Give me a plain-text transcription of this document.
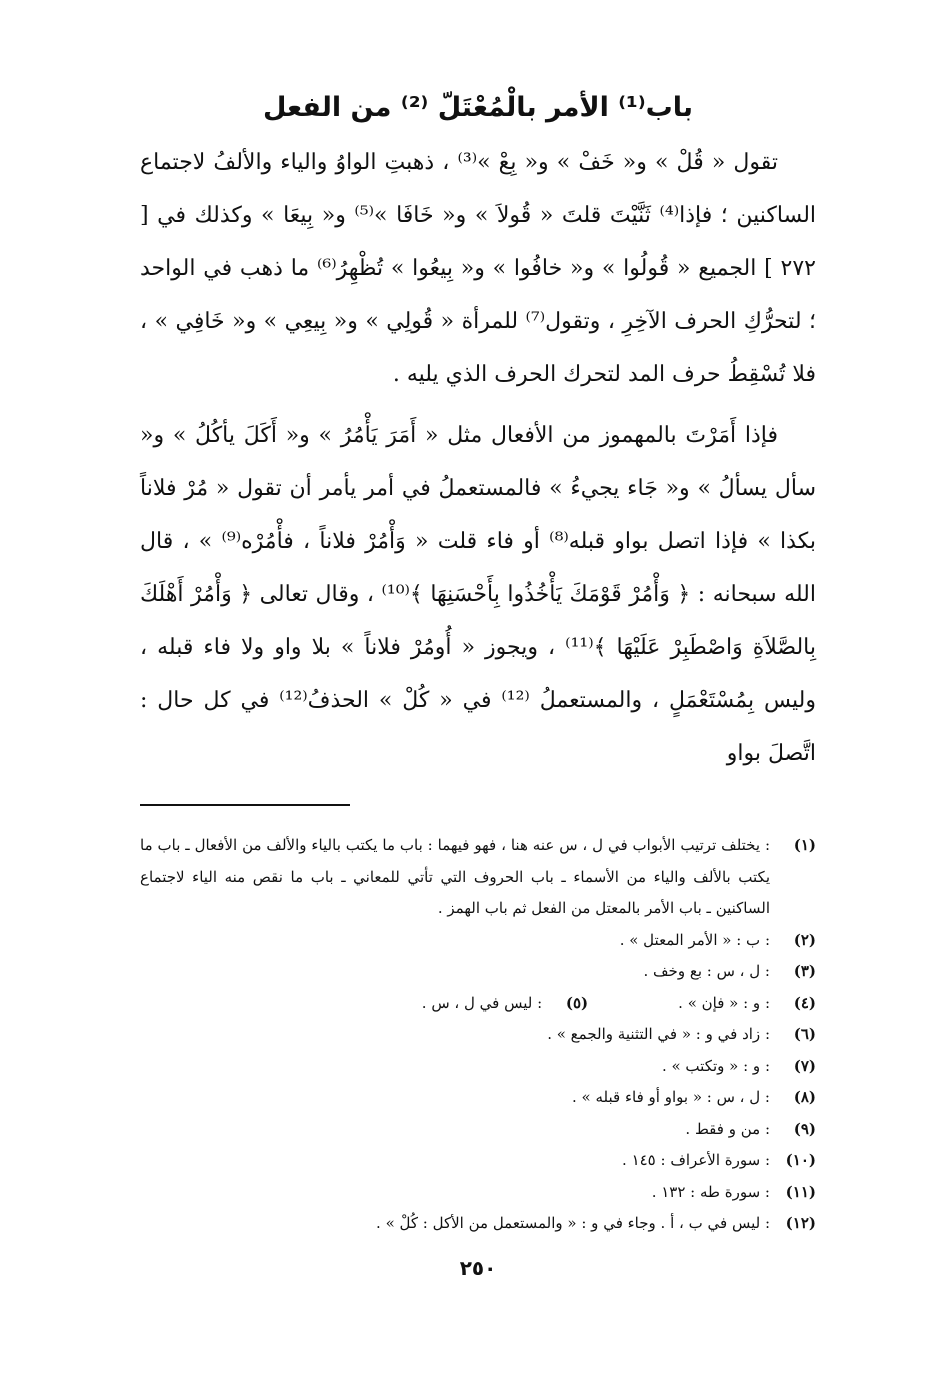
باب⁽¹⁾ الأمر بالْمُعْتَلّ ⁽²⁾ من الفعل

تقول « قُلْ » و« خَفْ » و« بِعْ »⁽³⁾ ، ذهبتِ الواوُ والياء والألفُ لاجتماع الساكنين ؛ فإذا⁽⁴⁾ ثَنَّيْتَ قلتَ « قُولاَ » و« خَافَا »⁽⁵⁾ و« بِيعَا » وكذلك في [ ٢٧٢ ] الجميع « قُولُوا » و« خافُوا » و« بِيعُوا » تُظْهِرُ⁽⁶⁾ ما ذهب في الواحد ؛ لتحرُّكِ الحرف الآخِرِ ، وتقول⁽⁷⁾ للمرأة « قُولِي » و« بِيعِي » و« خَافِي » ، فلا تُسْقِطُ حرف المد لتحرك الحرف الذي يليه .

فإذا أَمَرْتَ بالمهموز من الأفعال مثل « أَمَرَ يَأْمُرُ » و« أَكَلَ يأكُلُ » و« سأل يسألُ » و« جَاء يجيءُ » فالمستعملُ في أمر يأمر أن تقول « مُرْ فلاناً بكذا » فإذا اتصل بواو قبله⁽⁸⁾ أو فاء قلت « وَأْمُرْ فلاناً ، فأْمُرْه⁽⁹⁾ » ، قال الله سبحانه : ﴿ وَأْمُرْ قَوْمَكَ يَأْخُذُوا بِأَحْسَنِهَا ﴾⁽¹⁰⁾ ، وقال تعالى ﴿ وَأْمُرْ أَهْلَكَ بِالصَّلاَةِ وَاصْطَبِرْ عَلَيْهَا ﴾⁽¹¹⁾ ، ويجوز « أُومُرْ فلاناً » بلا واو ولا فاء قبله ، وليس بِمُسْتَعْمَلٍ ، والمستعملُ ⁽¹²⁾ في « كُلْ » الحذفُ⁽¹²⁾ في كل حال : اتَّصلَ بواو

(١)
: يختلف ترتيب الأبواب في ل ، س عنه هنا ، فهو فيهما : باب ما يكتب بالياء والألف من الأفعال ـ باب ما يكتب بالألف والياء من الأسماء ـ باب الحروف التي تأتي للمعاني ـ باب ما نقص منه الياء لاجتماع الساكنين ـ باب الأمر بالمعتل من الفعل ثم باب الهمز .
(٢)
: ب : « الأمر المعتل » .
(٣)
: ل ، س : بع وخف .
(٤)
: و : « فإن » .
(٥)
: ليس في ل ، س .
(٦)
: زاد في و : « في التثنية والجمع » .
(٧)
: و : « وتكتب » .
(٨)
: ل ، س : « بواو أو فاء قبله » .
(٩)
: من و فقط .
(١٠)
: سورة الأعراف : ١٤٥ .
(١١)
: سورة طه : ١٣٢ .
(١٢)
: ليس في ب ، أ . وجاء في و : « والمستعمل من الأكل : كُلْ » .
٢٥٠
